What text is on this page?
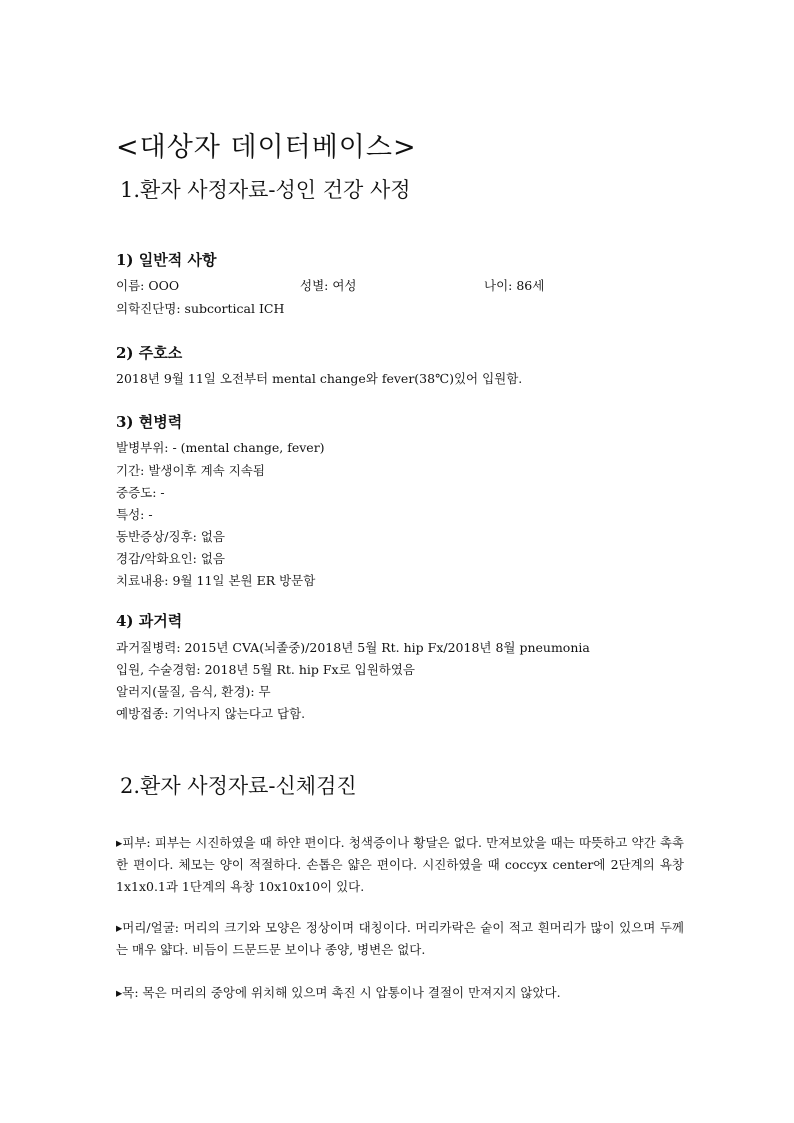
<대상자 데이터베이스>
1.환자 사정자료-성인 건강 사정
1) 일반적 사항
이름: OOO	성별: 여성	나이: 86세
의학진단명: subcortical ICH
2) 주호소
2018년 9월 11일 오전부터 mental change와 fever(38℃)있어 입원함.
3) 현병력
발병부위: - (mental change, fever)
기간: 발생이후 계속 지속됨
중증도: -
특성: -
동반증상/징후: 없음
경감/악화요인: 없음
치료내용: 9월 11일 본원 ER 방문함
4) 과거력
과거질병력: 2015년 CVA(뇌졸중)/2018년 5월 Rt. hip Fx/2018년 8월 pneumonia
입원, 수술경험: 2018년 5월 Rt. hip Fx로 입원하였음
알러지(물질, 음식, 환경): 무
예방접종: 기억나지 않는다고 답함.
2.환자 사정자료-신체검진
▸피부: 피부는 시진하였을 때 하얀 편이다. 청색증이나 황달은 없다. 만져보았을 때는 따뜻하고 약간 촉촉한 편이다. 체모는 양이 적절하다. 손톱은 얇은 편이다. 시진하였을 때 coccyx center에 2단계의 욕창 1x1x0.1과 1단계의 욕창 10x10x10이 있다.
▸머리/얼굴: 머리의 크기와 모양은 정상이며 대칭이다. 머리카락은 숱이 적고 흰머리가 많이 있으며 두께는 매우 얇다. 비듬이 드문드문 보이나 종양, 병변은 없다.
▸목: 목은 머리의 중앙에 위치해 있으며 촉진 시 압통이나 결절이 만져지지 않았다.
